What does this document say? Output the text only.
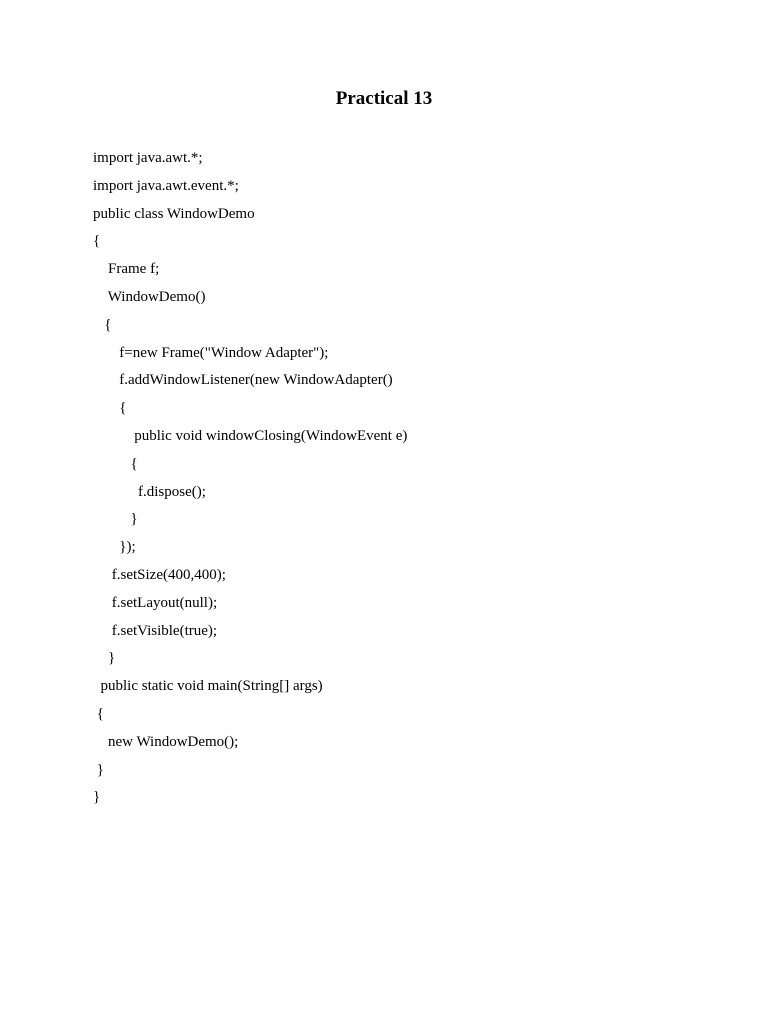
Practical 13
import java.awt.*;
import java.awt.event.*;
public class WindowDemo
{
Frame f;
WindowDemo()
{
f=new Frame("Window Adapter");
f.addWindowListener(new WindowAdapter()
{
public void windowClosing(WindowEvent e)
{
f.dispose();
}
});
f.setSize(400,400);
f.setLayout(null);
f.setVisible(true);
}
public static void main(String[] args)
{
new WindowDemo();
}
}
